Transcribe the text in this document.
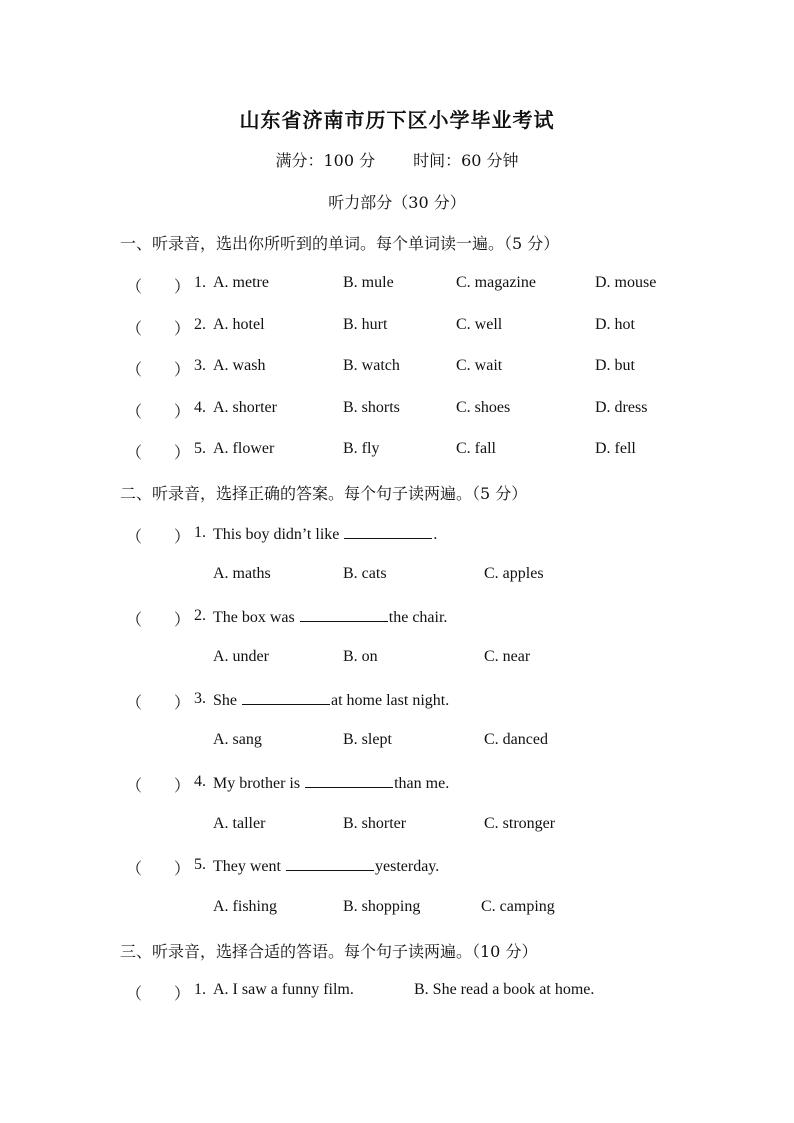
山东省济南市历下区小学毕业考试
满分：100 分 时间：60 分钟
听力部分（30 分）
一、听录音，选出你所听到的单词。每个单词读一遍。（5 分）
（ ） 1. A. metre	B. mule	C. magazine	D. mouse
（ ） 2. A. hotel	B. hurt	C. well	D. hot
（ ） 3. A. wash	B. watch	C. wait	D. but
（ ） 4. A. shorter	B. shorts	C. shoes	D. dress
（ ） 5. A. flower	B. fly	C. fall	D. fell
二、听录音，选择正确的答案。每个句子读两遍。（5 分）
（ ） 1. This boy didn’t like	.
A. maths	B. cats	C. apples
（ ） 2. The box was	the chair.
A. under	B. on	C. near
（ ） 3. She	at home last night.
A. sang	B. slept	C. danced
（ ） 4. My brother is	than me.
A. taller	B. shorter	C. stronger
（ ） 5. They went	yesterday.
A. fishing	B. shopping	C. camping
三、听录音，选择合适的答语。每个句子读两遍。（10 分）
（ ） 1. A. I saw a funny film.	B. She read a book at home.
